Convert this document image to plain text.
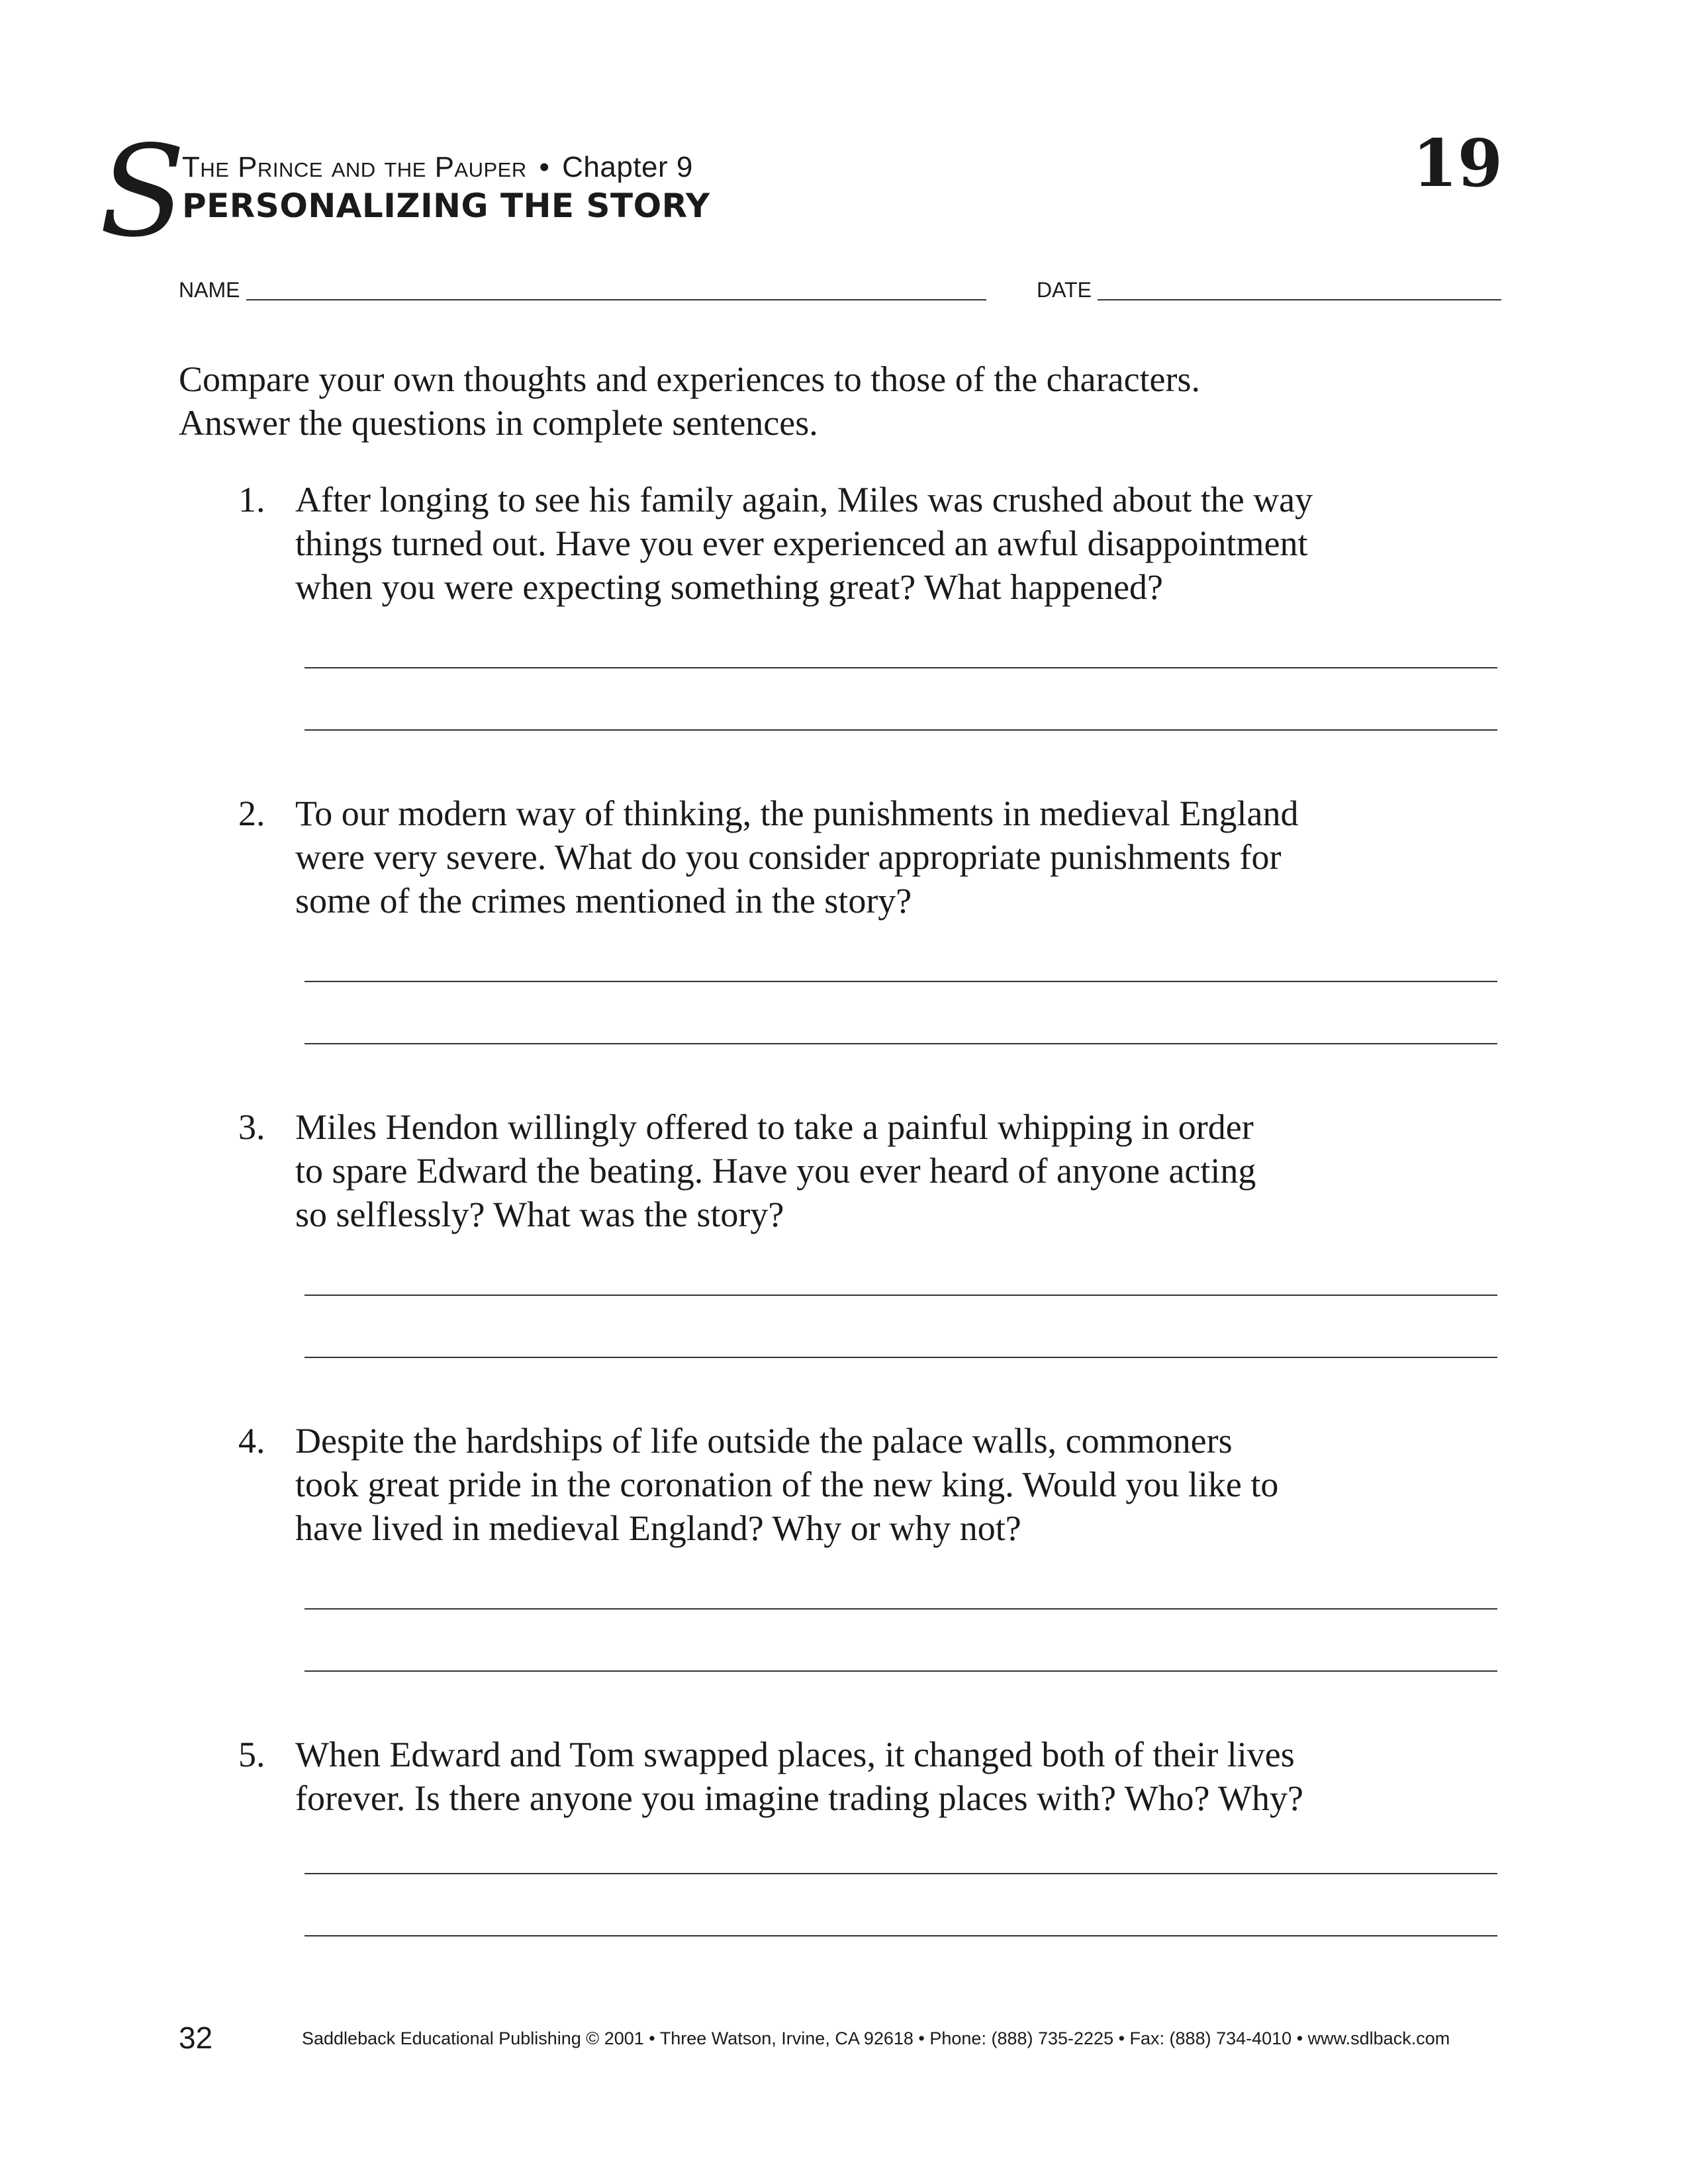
S
The Prince and the Pauper • Chapter 9
PERSONALIZING THE STORY
19
NAME	DATE
Compare your own thoughts and experiences to those of the characters.
Answer the questions in complete sentences.
1. After longing to see his family again, Miles was crushed about the way
things turned out. Have you ever experienced an awful disappointment
when you were expecting something great? What happened?
2. To our modern way of thinking, the punishments in medieval England
were very severe. What do you consider appropriate punishments for
some of the crimes mentioned in the story?
3. Miles Hendon willingly offered to take a painful whipping in order
to spare Edward the beating. Have you ever heard of anyone acting
so selflessly? What was the story?
4. Despite the hardships of life outside the palace walls, commoners
took great pride in the coronation of the new king. Would you like to
have lived in medieval England? Why or why not?
5. When Edward and Tom swapped places, it changed both of their lives
forever. Is there anyone you imagine trading places with? Who? Why?
32	Saddleback Educational Publishing © 2001 • Three Watson, Irvine, CA 92618 • Phone: (888) 735-2225 • Fax: (888) 734-4010 • www.sdlback.com
